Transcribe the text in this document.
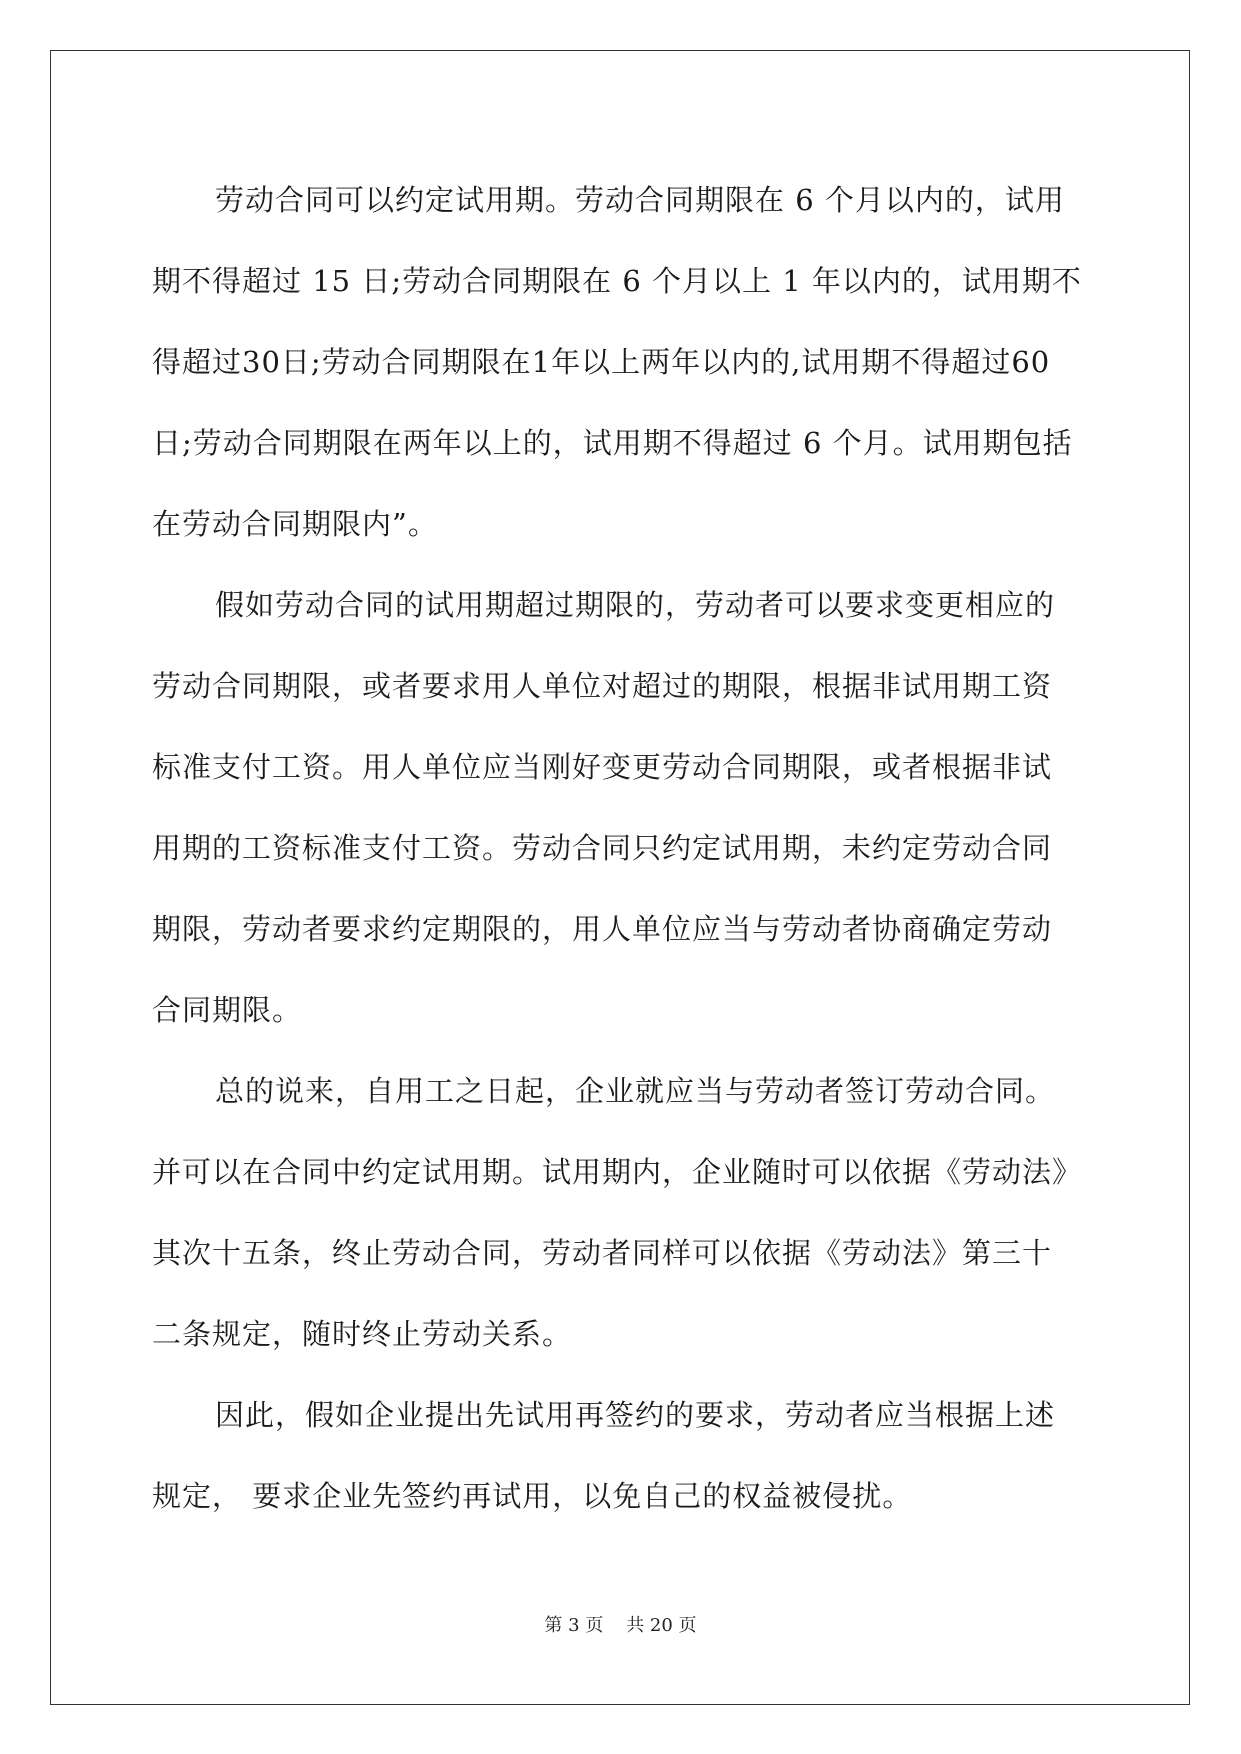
劳动合同可以约定试用期。劳动合同期限在 6 个月以内的，试用
期不得超过 15 日;劳动合同期限在 6 个月以上 1 年以内的，试用期不
得超过30日;劳动合同期限在1年以上两年以内的,试用期不得超过60
日;劳动合同期限在两年以上的，试用期不得超过 6 个月。试用期包括
在劳动合同期限内”。
假如劳动合同的试用期超过期限的，劳动者可以要求变更相应的
劳动合同期限，或者要求用人单位对超过的期限，根据非试用期工资
标准支付工资。用人单位应当刚好变更劳动合同期限，或者根据非试
用期的工资标准支付工资。劳动合同只约定试用期，未约定劳动合同
期限，劳动者要求约定期限的，用人单位应当与劳动者协商确定劳动
合同期限。
总的说来，自用工之日起，企业就应当与劳动者签订劳动合同。
并可以在合同中约定试用期。试用期内，企业随时可以依据《劳动法》
其次十五条，终止劳动合同，劳动者同样可以依据《劳动法》第三十
二条规定，随时终止劳动关系。
因此，假如企业提出先试用再签约的要求，劳动者应当根据上述
规定， 要求企业先签约再试用，以免自己的权益被侵扰。
第 3 页    共 20 页
